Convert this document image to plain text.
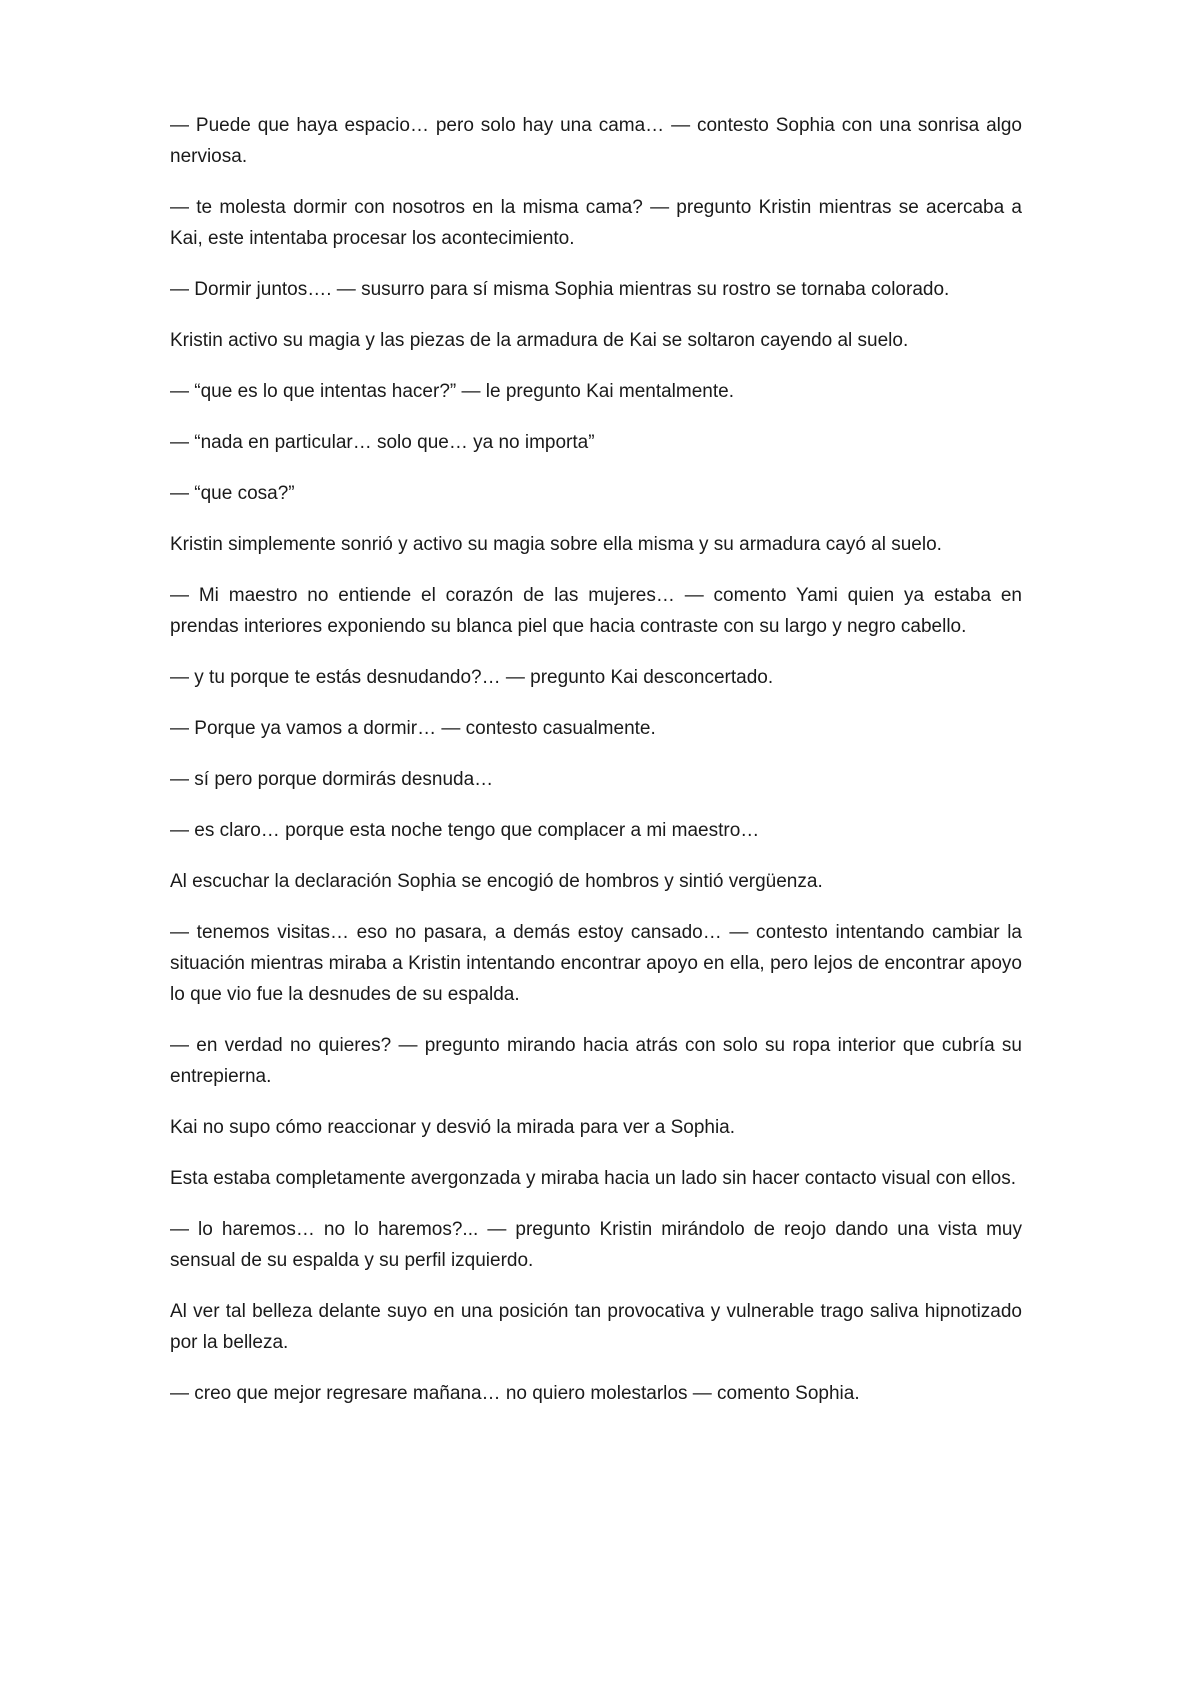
— Puede que haya espacio… pero solo hay una cama… — contesto Sophia con una sonrisa algo nerviosa.

— te molesta dormir con nosotros en la misma cama? — pregunto Kristin mientras se acercaba a Kai, este intentaba procesar los acontecimiento.

— Dormir juntos…. — susurro para sí misma Sophia mientras su rostro se tornaba colorado.

Kristin activo su magia y las piezas de la armadura de Kai se soltaron cayendo al suelo.

— “que es lo que intentas hacer?” — le pregunto Kai mentalmente.

— “nada en particular… solo que… ya no importa”

— “que cosa?”

Kristin simplemente sonrió y activo su magia sobre ella misma y su armadura cayó al suelo.

— Mi maestro no entiende el corazón de las mujeres… — comento Yami quien ya estaba en prendas interiores exponiendo su blanca piel que hacia contraste con su largo y negro cabello.

— y tu porque te estás desnudando?… — pregunto Kai desconcertado.

— Porque ya vamos a dormir… — contesto casualmente.

— sí pero porque dormirás desnuda…

— es claro… porque esta noche tengo que complacer a mi maestro…

Al escuchar la declaración Sophia se encogió de hombros y sintió vergüenza.

— tenemos visitas… eso no pasara, a demás estoy cansado… — contesto intentando cambiar la situación mientras miraba a Kristin intentando encontrar apoyo en ella, pero lejos de encontrar apoyo lo que vio fue la desnudes de su espalda.

— en verdad no quieres? — pregunto mirando hacia atrás con solo su ropa interior que cubría su entrepierna.

Kai no supo cómo reaccionar y desvió la mirada para ver a Sophia.

Esta estaba completamente avergonzada y miraba hacia un lado sin hacer contacto visual con ellos.

— lo haremos… no lo haremos?... — pregunto Kristin mirándolo de reojo dando una vista muy sensual de su espalda y su perfil izquierdo.

Al ver tal belleza delante suyo en una posición tan provocativa y vulnerable trago saliva hipnotizado por la belleza.

— creo que mejor regresare mañana… no quiero molestarlos — comento Sophia.
